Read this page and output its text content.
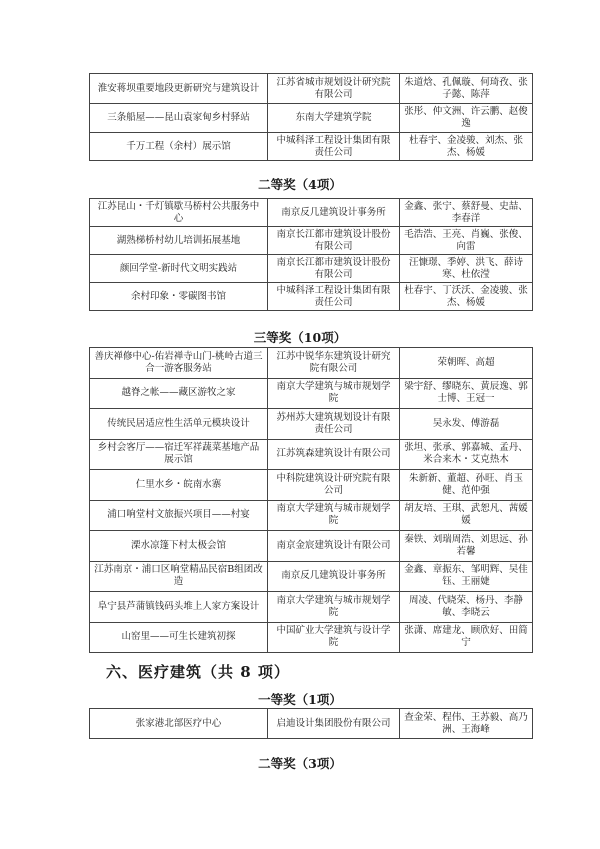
淮安蒋坝重要地段更新研究与建筑设计	江苏省城市规划设计研究院有限公司	朱道焓、孔佩璇、何琦孜、张子懿、陈萍
三条船屋——昆山袁家甸乡村驿站	东南大学建筑学院	张彤、仲文洲、许云鹏、赵俊逸
千万工程（余村）展示馆	中城科泽工程设计集团有限责任公司	杜春宇、金凌骏、刘杰、张杰、杨媛
二等奖（4项）
江苏昆山・千灯镇歇马桥村公共服务中心	南京反几建筑设计事务所	金鑫、张宁、蔡舒曼、史喆、李春洋
湖熟梯桥村幼儿培训拓展基地	南京长江都市建筑设计股份有限公司	毛浩浩、王亮、肖巍、张俊、向雷
颜回学堂-新时代文明实践站	南京长江都市建筑设计股份有限公司	汪慷璟、季婷、洪飞、薛诗寒、杜依滢
余村印象・零碳图书馆	中城科泽工程设计集团有限责任公司	杜春宇、丁沃沃、金凌骏、张杰、杨媛
三等奖（10项）
善庆禅修中心-佑岩禅寺山门-桃岭古道三合一游客服务站	江苏中锐华东建筑设计研究院有限公司	荣朝晖、高超
越脊之帐——藏区游牧之家	南京大学建筑与城市规划学院	梁宇舒、缪晓东、黄辰逸、郭士博、王冠一
传统民居适应性生活单元模块设计	苏州苏大建筑规划设计有限责任公司	吴永发、傅游磊
乡村会客厅——宿迁军祥蔬菜基地产品展示馆	江苏筑森建筑设计有限公司	张坦、张承、郭嘉城、孟丹、米合来木・艾克热木
仁里水乡・皖南水寨	中科院建筑设计研究院有限公司	朱新新、董超、孙旺、肖玉健、范仲强
浦口响堂村文旅振兴项目——村宴	南京大学建筑与城市规划学院	胡友培、王琪、武恕凡、茜媛媛
溧水凉篷下村太极会馆	南京金宸建筑设计有限公司	秦铁、刘瑞周浩、刘思远、孙若馨
江苏南京・浦口区响堂精品民宿B组团改造	南京反几建筑设计事务所	金鑫、章振东、邹明辉、吴佳钰、王丽婕
阜宁县芦蒲镇钱码头堆上人家方案设计	南京大学建筑与城市规划学院	周凌、代晓荣、杨丹、李静敏、李晓云
山窑里——可生长建筑初探	中国矿业大学建筑与设计学院	张潇、席建龙、顾欣好、田简宁
六、医疗建筑（共 8 项）
一等奖（1项）
张家港北部医疗中心	启迪设计集团股份有限公司	查金荣、程伟、王苏毅、高乃洲、王海峰
二等奖（3项）
